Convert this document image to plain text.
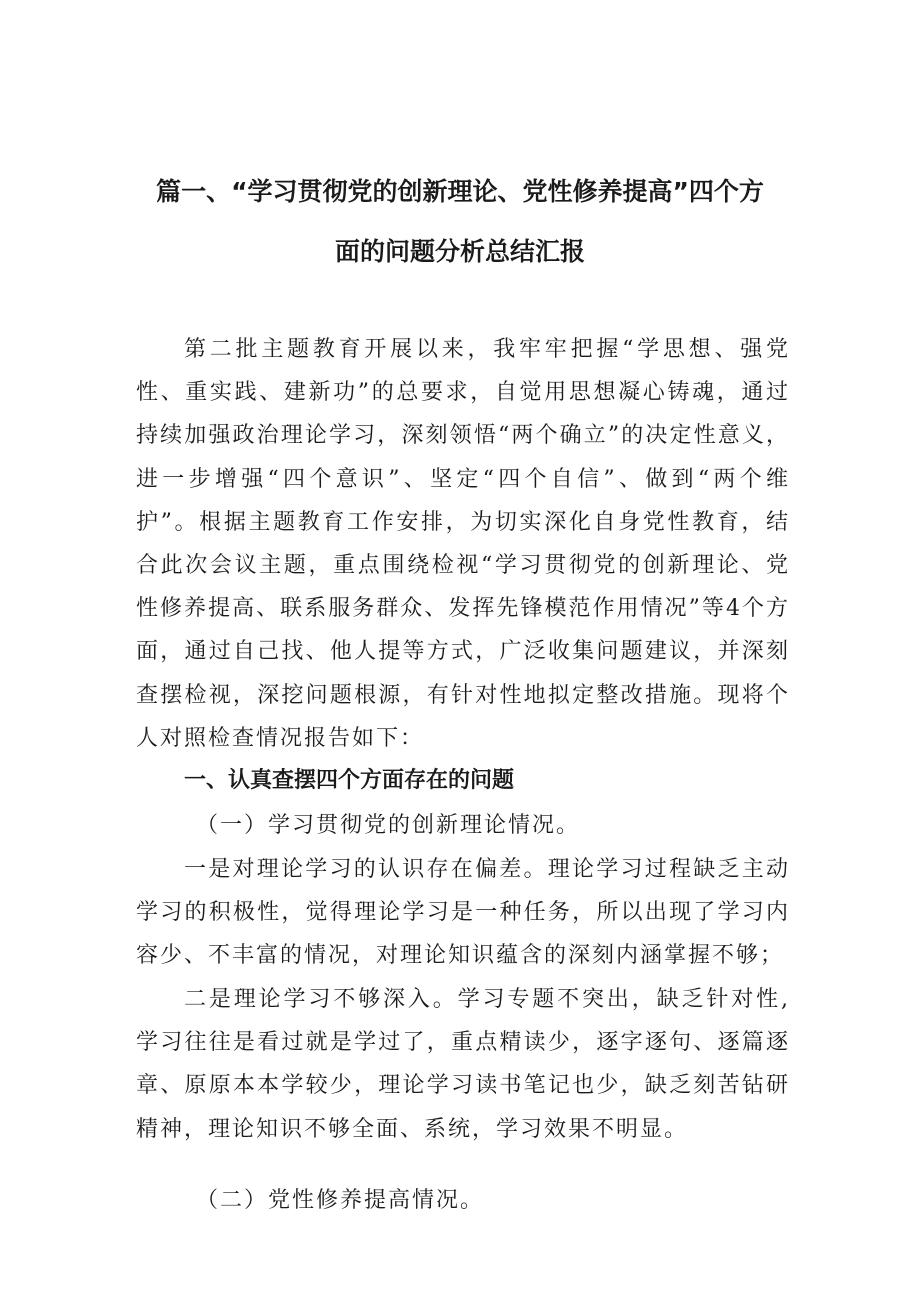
篇一、“学习贯彻党的创新理论、党性修养提高”四个方
面的问题分析总结汇报

第二批主题教育开展以来，我牢牢把握“学思想、强党性、重实践、建新功”的总要求，自觉用思想凝心铸魂，通过持续加强政治理论学习，深刻领悟“两个确立”的决定性意义，进一步增强“四个意识”、坚定“四个自信”、做到“两个维护”。根据主题教育工作安排，为切实深化自身党性教育，结合此次会议主题，重点围绕检视“学习贯彻党的创新理论、党性修养提高、联系服务群众、发挥先锋模范作用情况”等4个方面，通过自己找、他人提等方式，广泛收集问题建议，并深刻查摆检视，深挖问题根源，有针对性地拟定整改措施。现将个人对照检查情况报告如下：

一、认真查摆四个方面存在的问题
（一）学习贯彻党的创新理论情况。

一是对理论学习的认识存在偏差。理论学习过程缺乏主动学习的积极性，觉得理论学习是一种任务，所以出现了学习内容少、不丰富的情况，对理论知识蕴含的深刻内涵掌握不够；

二是理论学习不够深入。学习专题不突出，缺乏针对性,学习往往是看过就是学过了，重点精读少，逐字逐句、逐篇逐章、原原本本学较少，理论学习读书笔记也少，缺乏刻苦钻研精神，理论知识不够全面、系统，学习效果不明显。

（二）党性修养提高情况。
